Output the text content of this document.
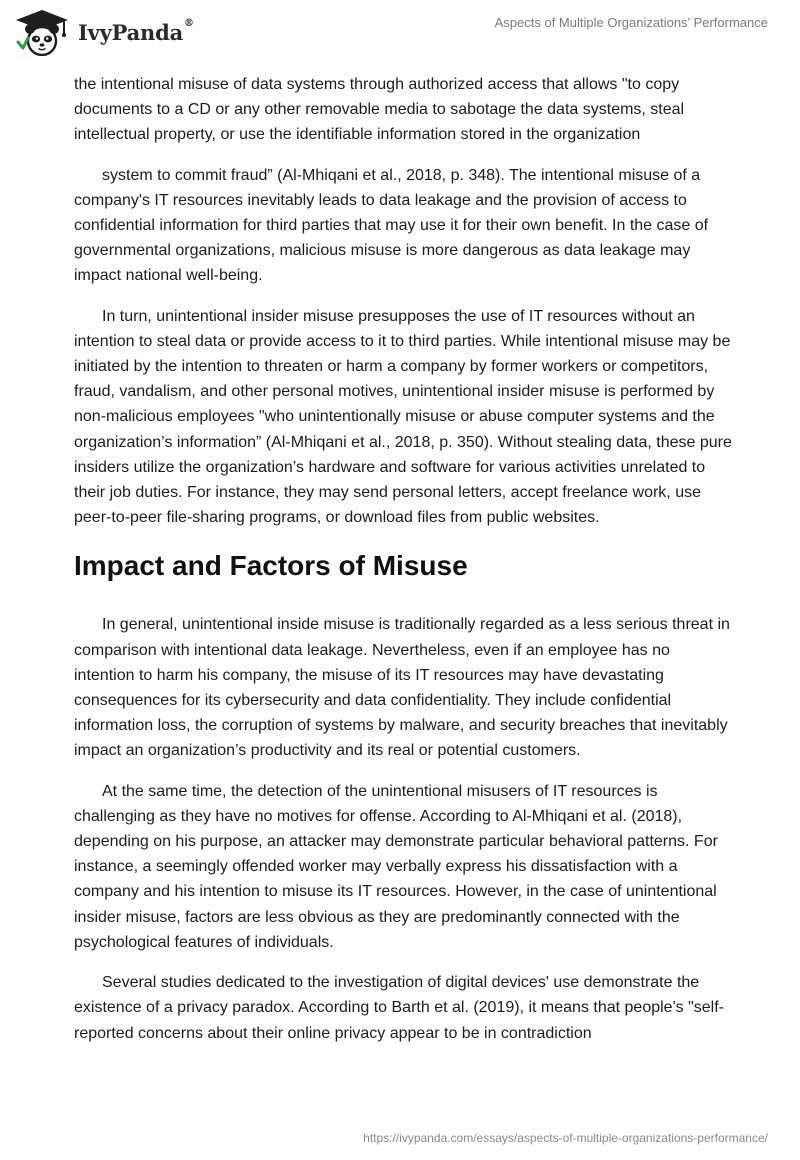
IvyPanda®	Aspects of Multiple Organizations’ Performance

the intentional misuse of data systems through authorized access that allows "to copy documents to a CD or any other removable media to sabotage the data systems, steal intellectual property, or use the identifiable information stored in the organization

system to commit fraud” (Al-Mhiqani et al., 2018, p. 348). The intentional misuse of a company's IT resources inevitably leads to data leakage and the provision of access to confidential information for third parties that may use it for their own benefit. In the case of governmental organizations, malicious misuse is more dangerous as data leakage may impact national well-being.

In turn, unintentional insider misuse presupposes the use of IT resources without an intention to steal data or provide access to it to third parties. While intentional misuse may be initiated by the intention to threaten or harm a company by former workers or competitors, fraud, vandalism, and other personal motives, unintentional insider misuse is performed by non-malicious employees "who unintentionally misuse or abuse computer systems and the organization’s information” (Al-Mhiqani et al., 2018, p. 350). Without stealing data, these pure insiders utilize the organization’s hardware and software for various activities unrelated to their job duties. For instance, they may send personal letters, accept freelance work, use peer-to-peer file-sharing programs, or download files from public websites.

Impact and Factors of Misuse

In general, unintentional inside misuse is traditionally regarded as a less serious threat in comparison with intentional data leakage. Nevertheless, even if an employee has no intention to harm his company, the misuse of its IT resources may have devastating consequences for its cybersecurity and data confidentiality. They include confidential information loss, the corruption of systems by malware, and security breaches that inevitably impact an organization’s productivity and its real or potential customers.

At the same time, the detection of the unintentional misusers of IT resources is challenging as they have no motives for offense. According to Al-Mhiqani et al. (2018), depending on his purpose, an attacker may demonstrate particular behavioral patterns. For instance, a seemingly offended worker may verbally express his dissatisfaction with a company and his intention to misuse its IT resources. However, in the case of unintentional insider misuse, factors are less obvious as they are predominantly connected with the psychological features of individuals.

Several studies dedicated to the investigation of digital devices' use demonstrate the existence of a privacy paradox. According to Barth et al. (2019), it means that people's "self-reported concerns about their online privacy appear to be in contradiction

https://ivypanda.com/essays/aspects-of-multiple-organizations-performance/
